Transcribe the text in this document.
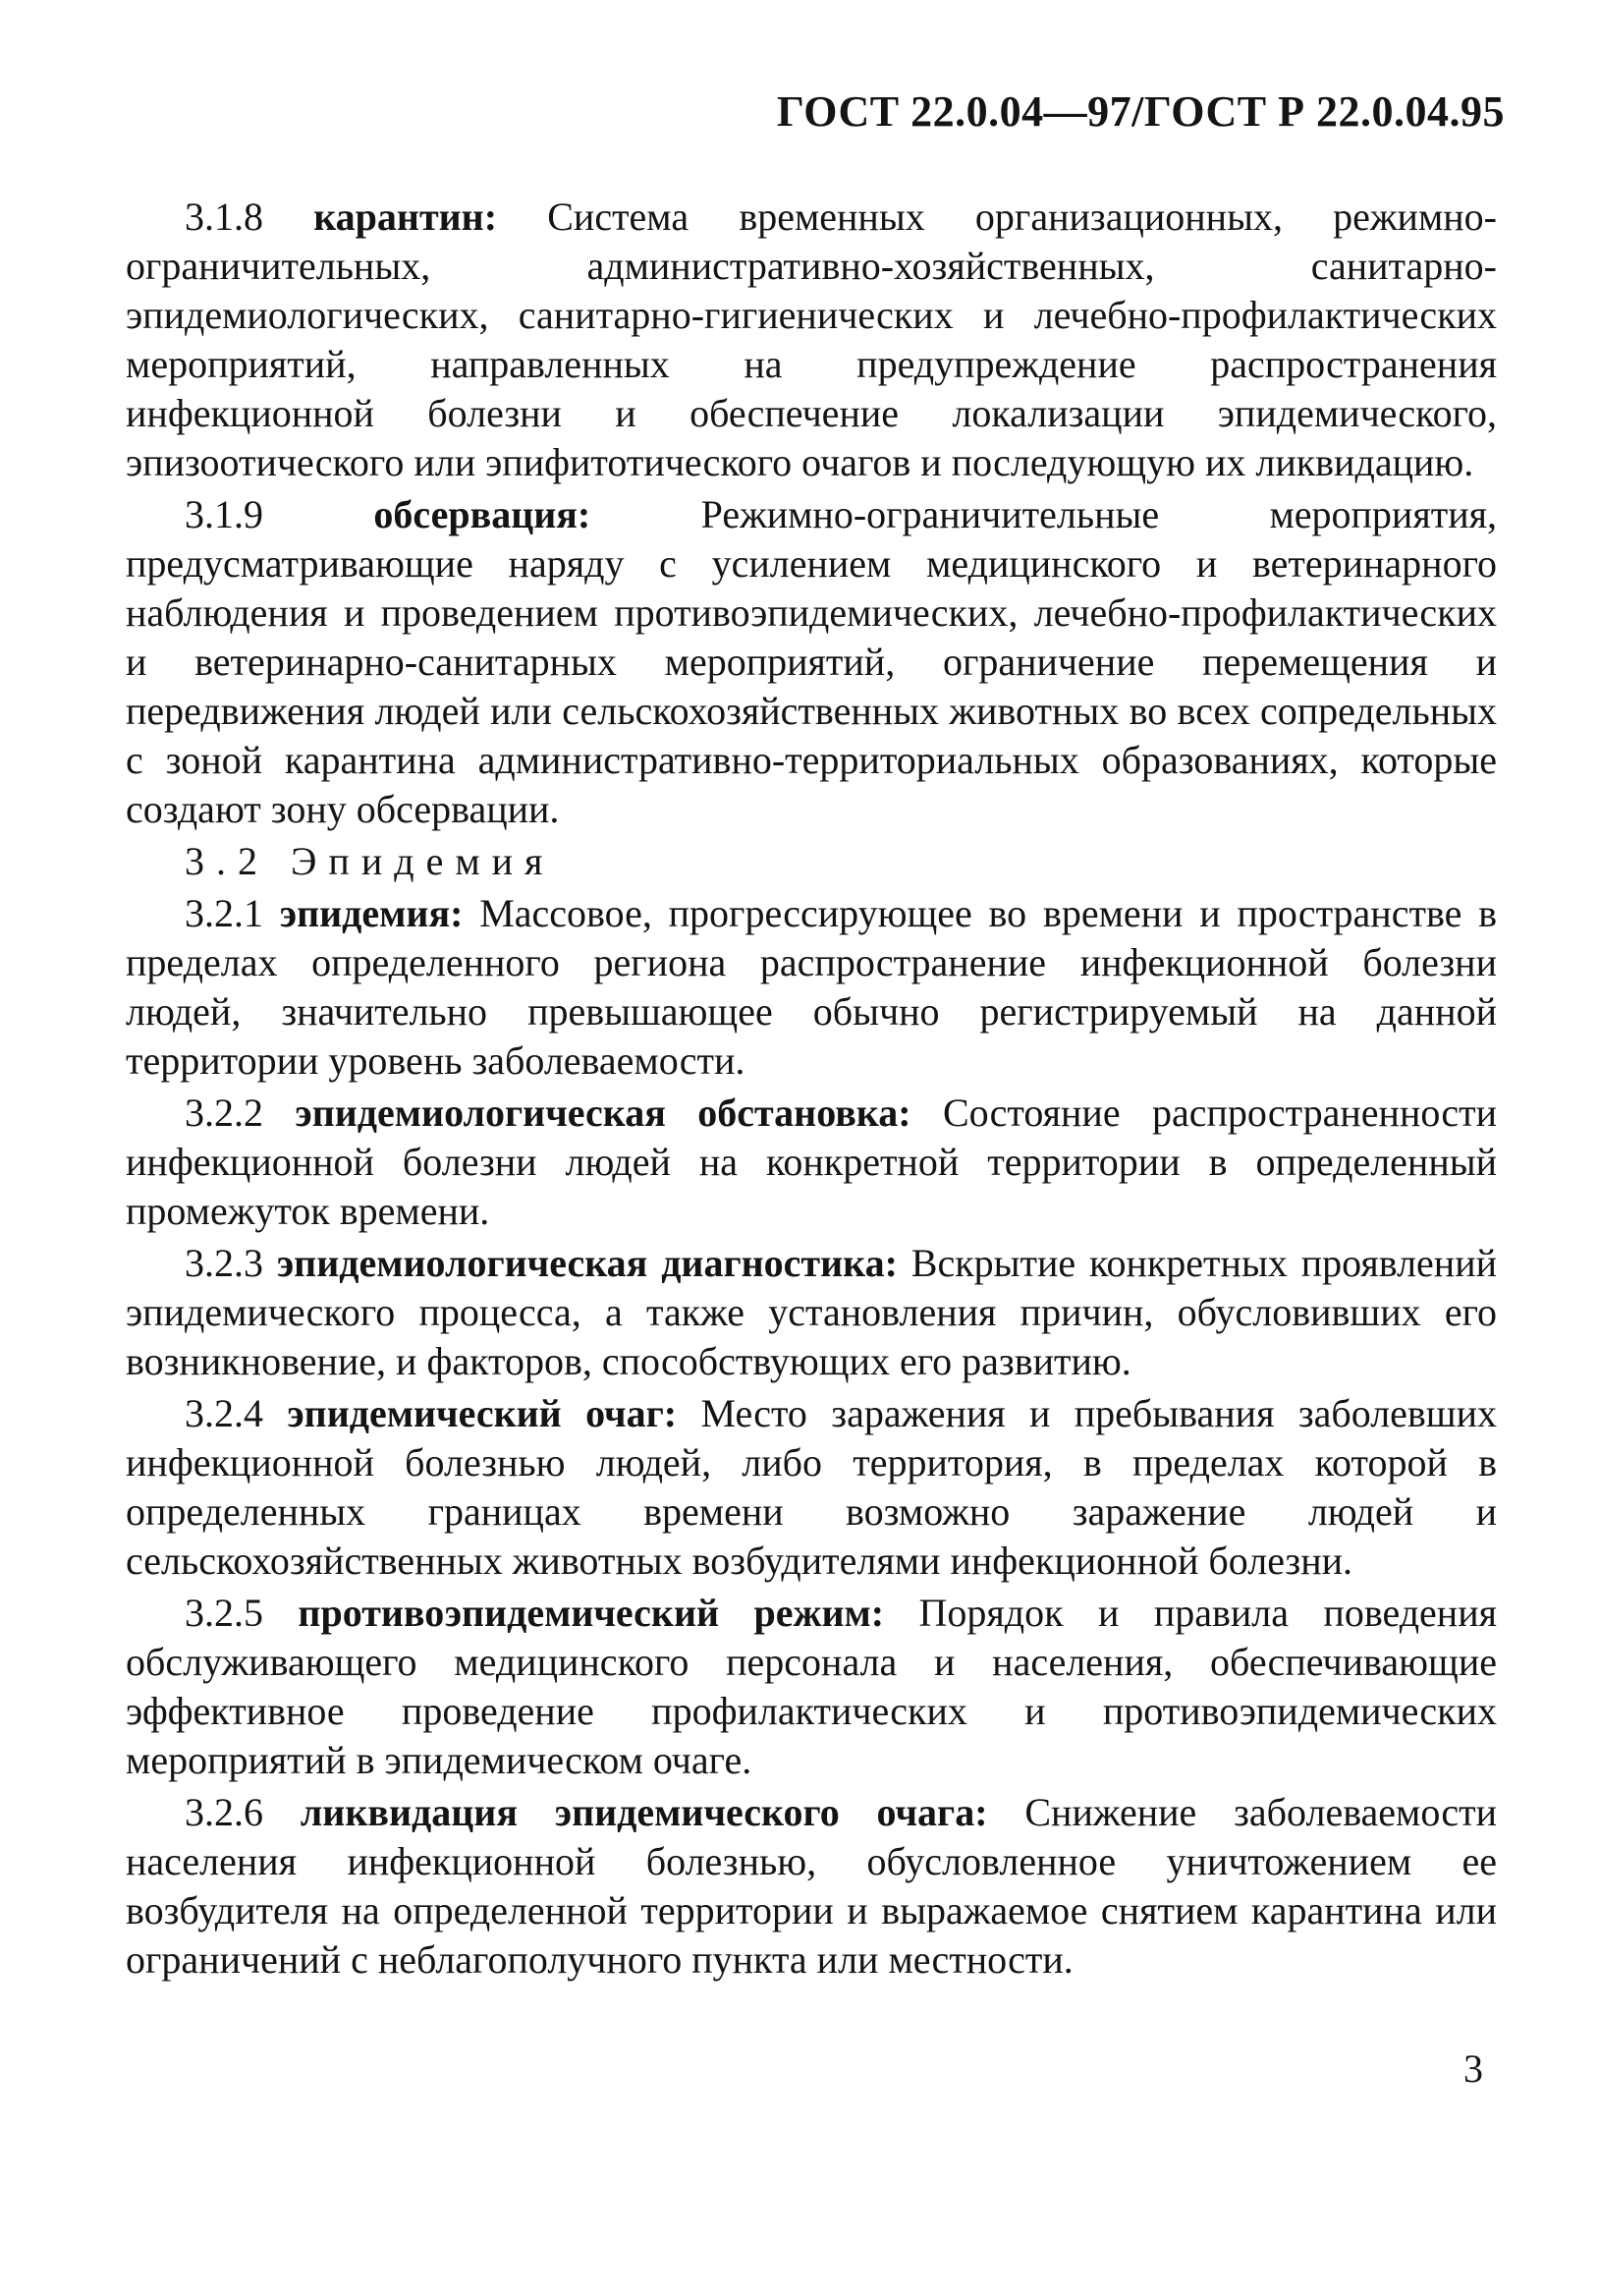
ГОСТ 22.0.04—97/ГОСТ Р 22.0.04.95

3.1.8 карантин: Система временных организационных, режимно-ограничительных, административно-хозяйственных, санитарно-эпидемиологических, санитарно-гигиенических и лечебно-профилактических мероприятий, направленных на предупреждение распространения инфекционной болезни и обеспечение локализации эпидемического, эпизоотического или эпифитотического очагов и последующую их ликвидацию.

3.1.9	обсервация:	Режимно-ограничительные мероприятия, предусматривающие наряду с усилением медицинского и ветеринарного наблюдения и проведением противоэпидемических, лечебно-профилактических и ветеринарно-санитарных мероприятий, ограничение перемещения и передвижения людей или сельскохозяйственных животных во всех сопредельных с зоной карантина административно-территориальных образованиях, которые создают зону обсервации.

3.2 Эпидемия

3.2.1 эпидемия: Массовое, прогрессирующее во времени и пространстве в пределах определенного региона распространение инфекционной болезни людей, значительно превышающее обычно регистрируемый на данной территории уровень заболеваемости.

3.2.2 эпидемиологическая обстановка: Состояние распространенности инфекционной болезни людей на конкретной территории в определенный промежуток времени.

3.2.3 эпидемиологическая диагностика: Вскрытие конкретных проявлений эпидемического процесса, а также установления причин, обусловивших его возникновение, и факторов, способствующих его развитию.

3.2.4 эпидемический очаг: Место заражения и пребывания заболевших инфекционной болезнью людей, либо территория, в пределах которой в определенных границах времени возможно заражение людей и сельскохозяйственных животных возбудителями инфекционной болезни.

3.2.5 противоэпидемический режим: Порядок и правила поведения обслуживающего медицинского персонала и населения, обеспечивающие эффективное проведение профилактических и противоэпидемических мероприятий в эпидемическом очаге.

3.2.6 ликвидация эпидемического очага: Снижение заболеваемости населения инфекционной болезнью, обусловленное уничтожением ее возбудителя на определенной территории и выражаемое снятием карантина или ограничений с неблагополучного пункта или местности.

3
